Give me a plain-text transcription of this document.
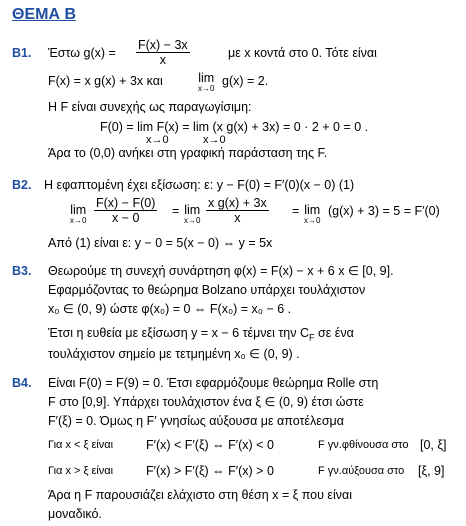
ΘΕΜΑ Β
Β1. Έστω $g(x) = \frac{F(x) - 3x}{x}$	με x κοντά στο 0. Τότε είναι
F(x) = x g(x) + 3x και	lim
x→0
g(x) = 2.
Η F είναι συνεχής ως παραγωγίσιμη:
F(0) = lim F(x) = lim (x g(x) + 3x) = 0 · 2 + 0 = 0 .
x→0	x→0
Άρα το (0,0) ανήκει στη γραφική παράσταση της F.
Β2. Η εφαπτομένη έχει εξίσωση: ε: y − F(0) = F′(0)(x − 0) (1)
lim
$x\to 0 \frac{F(x) - F(0)}{x - 0} = \lim$
$x\to 0 \frac{\text{x g(x) + 3x}}{x} = \lim$
x→0
(g(x) + 3) = 5 = F′(0)
Από (1) είναι ε: y − 0 = 5(x − 0) ⇔ y = 5x
Β3. Θεωρούμε τη συνεχή συνάρτηση φ(x) = F(x) − x + 6 x ∈ [0, 9].
Εφαρμόζοντας το θεώρημα Bolzano υπάρχει τουλάχιστον
x₀ ∈ (0, 9) ώστε φ(x₀) = 0 ⇔ F(x₀) = x₀ − 6 .
Έτσι η ευθεία με εξίσωση y = x − 6 τέμνει την $C_F$ σε ένα
τουλάχιστον σημείο με τετμημένη x₀ ∈ (0, 9) .
Β4. Είναι F(0) = F(9) = 0. Έτσι εφαρμόζουμε θεώρημα Rolle στη
F στο [0,9]. Υπάρχει τουλάχιστον ένα ξ ∈ (0, 9) έτσι ώστε
F′(ξ) = 0. Όμως η F′ γνησίως αύξουσα με αποτέλεσμα
Για x < ξ είναι	F′(x) < F′(ξ) ⇔ F′(x) < 0	F γν.φθίνουσα στο [0, ξ]
Για x > ξ είναι	F′(x) > F′(ξ) ⇔ F′(x) > 0	F γν.αύξουσα στο [ξ, 9]
Άρα η F παρουσιάζει ελάχιστο στη θέση x = ξ που είναι
μοναδικό.
